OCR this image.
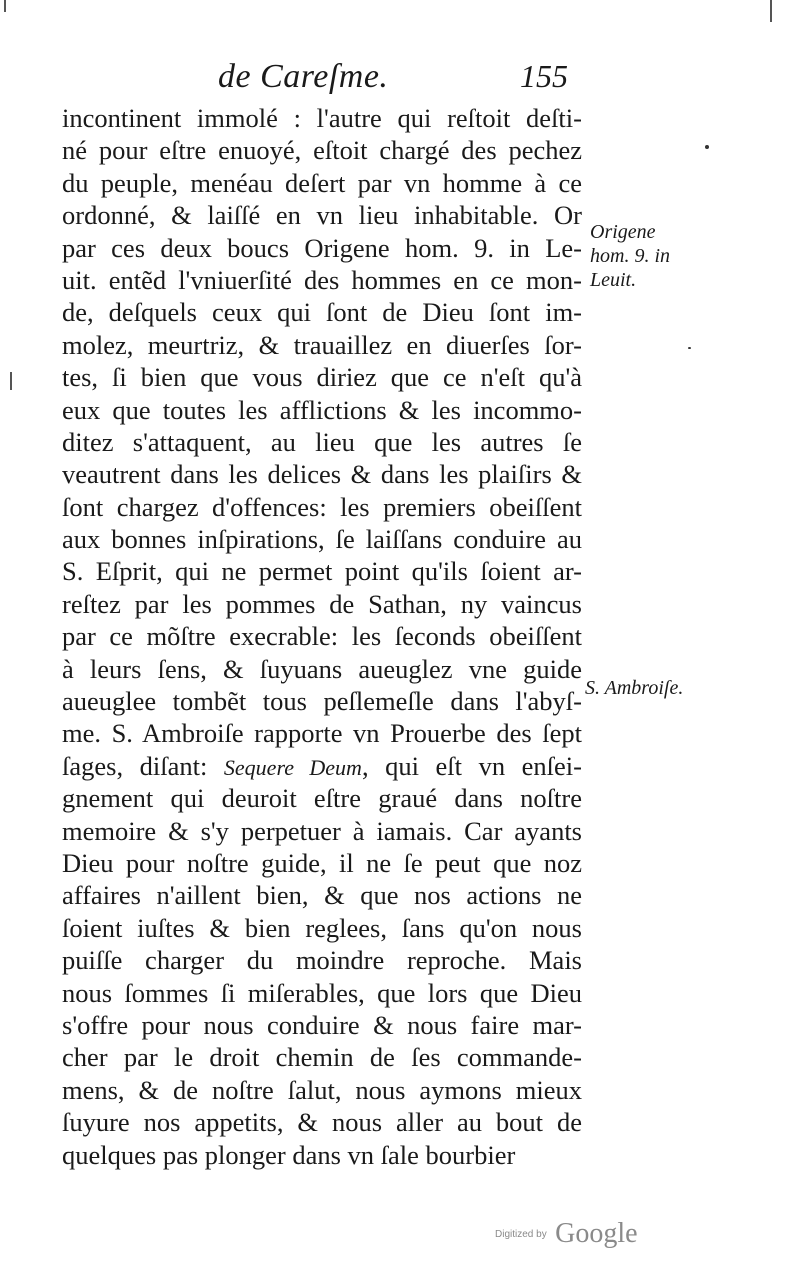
de Careſme.	155
incontinent immolé : l'autre qui reſtoit deſti-
né pour eſtre enuoyé, eſtoit chargé des pechez
du peuple, menéau deſert par vn homme à ce
ordonné, & laiſſé en vn lieu inhabitable. Or
par ces deux boucs Origene hom. 9. in Le-
uit. entẽd l'vniuerſité des hommes en ce mon-
de, deſquels ceux qui ſont de Dieu ſont im-
molez, meurtriz, & trauaillez en diuerſes ſor-
tes, ſi bien que vous diriez que ce n'eſt qu'à
eux que toutes les afflictions & les incommo-
ditez s'attaquent, au lieu que les autres ſe
veautrent dans les delices & dans les plaiſirs &
ſont chargez d'offences: les premiers obeiſſent
aux bonnes inſpirations, ſe laiſſans conduire au
S. Eſprit, qui ne permet point qu'ils ſoient ar-
reſtez par les pommes de Sathan, ny vaincus
par ce mõſtre execrable: les ſeconds obeiſſent
à leurs ſens, & ſuyuans aueuglez vne guide
aueuglee tombẽt tous peſlemeſle dans l'abyſ-
me. S. Ambroiſe rapporte vn Prouerbe des ſept
ſages, diſant: Sequere Deum, qui eſt vn enſei-
gnement qui deuroit eſtre graué dans noſtre
memoire & s'y perpetuer à iamais. Car ayants
Dieu pour noſtre guide, il ne ſe peut que noz
affaires n'aillent bien, & que nos actions ne
ſoient iuſtes & bien reglees, ſans qu'on nous
puiſſe charger du moindre reproche. Mais
nous ſommes ſi miſerables, que lors que Dieu
s'offre pour nous conduire & nous faire mar-
cher par le droit chemin de ſes commande-
mens, & de noſtre ſalut, nous aymons mieux
ſuyure nos appetits, & nous aller au bout de
quelques pas plonger dans vn ſale bourbier
Origene
hom. 9. in
Leuit.
S. Ambroiſe.
Digitized by Google
